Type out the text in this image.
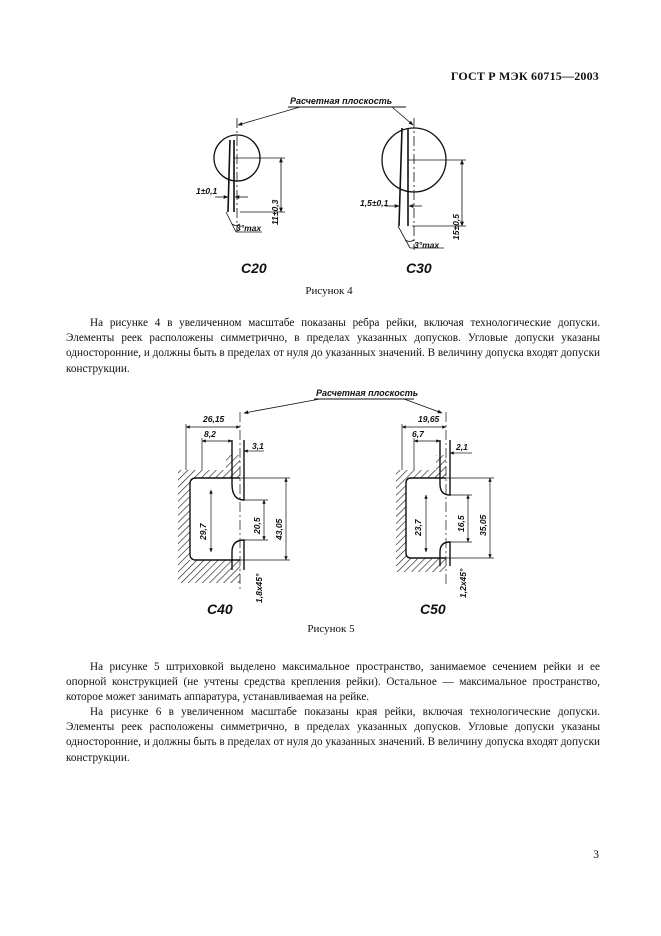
ГОСТ Р МЭК 60715—2003
Расчетная плоскость
1±0,1
3°max
11±0,3
C20
1,5±0,1
3°max
15±0,5
C30
Рисунок 4

На рисунке 4 в увеличенном масштабе показаны ребра рейки, включая технологические допуски. Элементы реек расположены симметрично, в пределах указанных допусков. Угловые допуски указаны односторонние, и должны быть в пределах от нуля до указанных значений. В величину допуска входят допуски конструкции.

Расчетная плоскость
26,15
8,2
3,1
29,7	20,5 43,05
1,8x45°
C40
19,65
6,7
2,1
23,7	16,5 35,05
1,2x45°
C50
Рисунок 5

На рисунке 5 штриховкой выделено максимальное пространство, занимаемое сечением рейки и ее опорной конструкцией (не учтены средства крепления рейки). Остальное — максимальное пространство, которое может занимать аппаратура, устанавливаемая на рейке.

На рисунке 6 в увеличенном масштабе показаны края рейки, включая технологические допуски. Элементы реек расположены симметрично, в пределах указанных допусков. Угловые допуски указаны односторонние, и должны быть в пределах от нуля до указанных значений. В величину допуска входят допуски конструкции.

3
